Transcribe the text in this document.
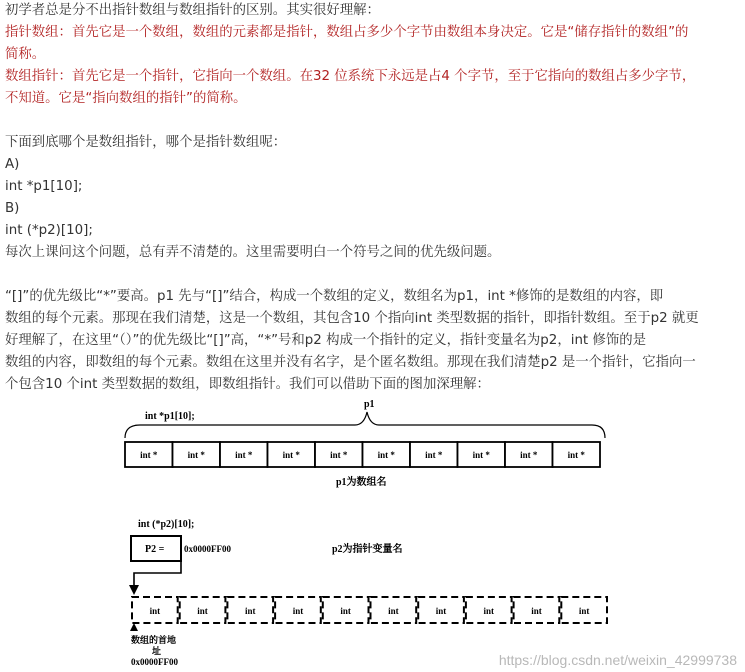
初学者总是分不出指针数组与数组指针的区别。其实很好理解：
指针数组：首先它是一个数组，数组的元素都是指针，数组占多少个字节由数组本身决定。它是“储存指针的数组”的
简称。
数组指针：首先它是一个指针，它指向一个数组。在32 位系统下永远是占4 个字节，至于它指向的数组占多少字节，
不知道。它是“指向数组的指针”的简称。
下面到底哪个是数组指针，哪个是指针数组呢：
A)
int *p1[10];
B)
int (*p2)[10];
每次上课问这个问题，总有弄不清楚的。这里需要明白一个符号之间的优先级问题。
“[]”的优先级比“*”要高。p1 先与“[]”结合，构成一个数组的定义，数组名为p1，int *修饰的是数组的内容，即
数组的每个元素。那现在我们清楚，这是一个数组，其包含10 个指向int 类型数据的指针，即指针数组。至于p2 就更
好理解了，在这里“（）”的优先级比“[]”高，“*”号和p2 构成一个指针的定义，指针变量名为p2，int 修饰的是
数组的内容，即数组的每个元素。数组在这里并没有名字，是个匿名数组。那现在我们清楚p2 是一个指针，它指向一
个包含10 个int 类型数据的数组，即数组指针。我们可以借助下面的图加深理解：
int *p1[10];
p1
int *	int *	int *	int *	int *	int *	int *	int *	int *	int *
p1为数组名
int (*p2)[10];
P2 = 0x0000FF00	p2为指针变量名
int	int	int	int	int	int	int	int	int	int
数组的首地
址
0x0000FF00	https://blog.csdn.net/weixin_42999738
